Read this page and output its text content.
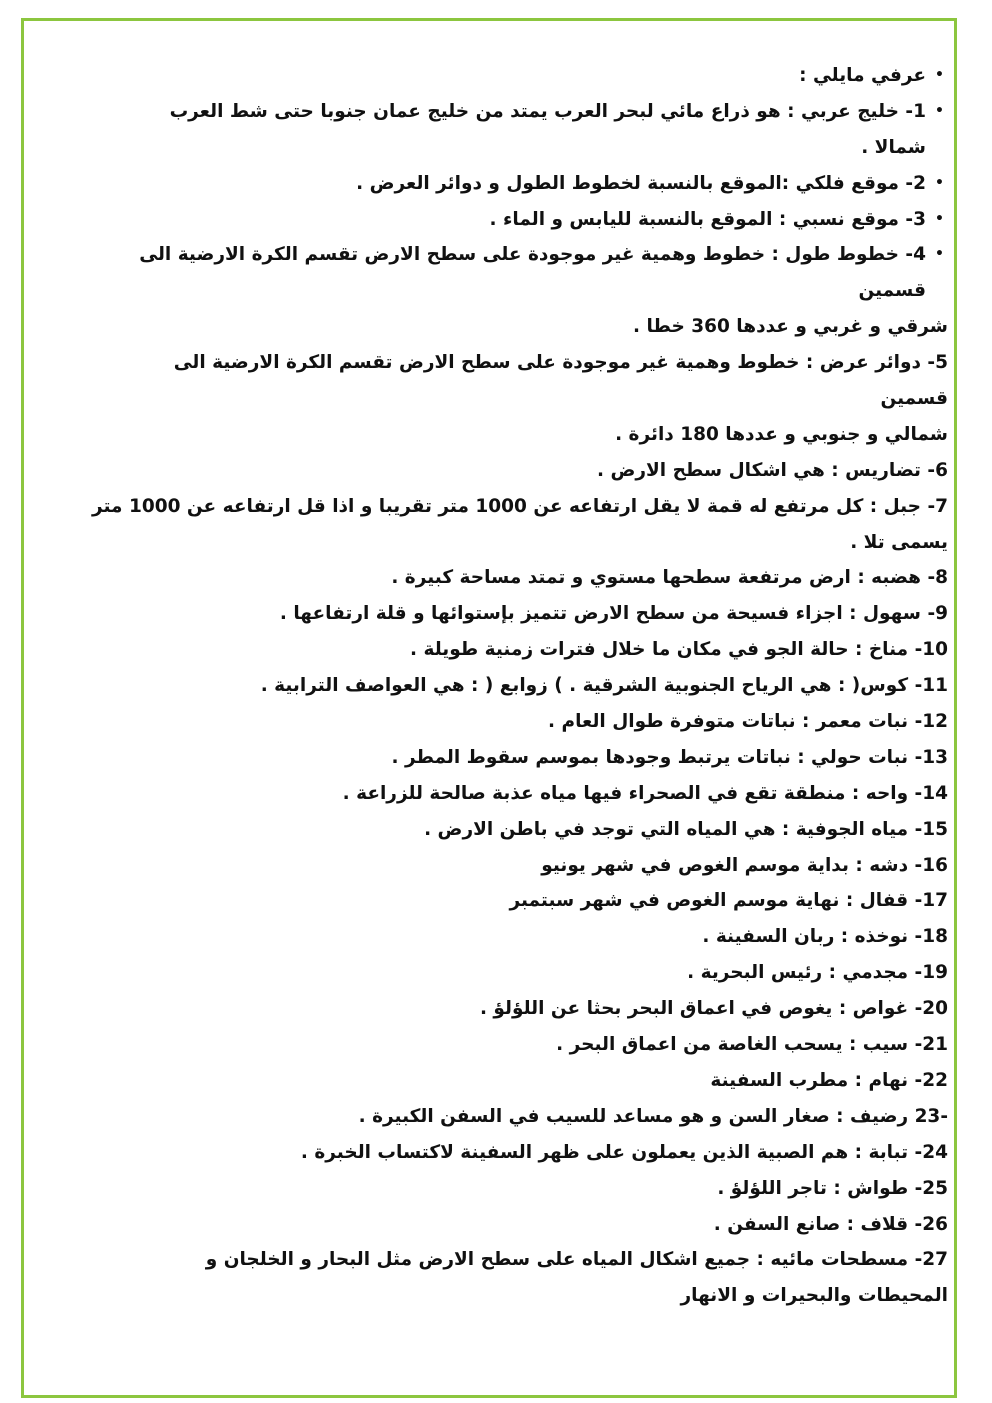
•
عرفي مايلي :
•
1- خليج عربي : هو ذراع مائي لبحر العرب يمتد من خليج عمان جنوبا حتى شط العرب
شمالا .
•
2- موقع فلكي :الموقع بالنسبة لخطوط الطول و دوائر العرض .
•
3- موقع نسبي : الموقع بالنسبة لليابس و الماء .
•
4- خطوط طول : خطوط وهمية غير موجودة على سطح الارض تقسم الكرة الارضية الى
قسمين
شرقي و غربي و عددها 360 خطا .
5- دوائر عرض : خطوط وهمية غير موجودة على سطح الارض تقسم الكرة الارضية الى
قسمين
شمالي و جنوبي و عددها 180 دائرة .
6- تضاريس : هي اشكال سطح الارض .
7- جبل : كل مرتفع له قمة لا يقل ارتفاعه عن 1000 متر تقريبا و اذا قل ارتفاعه عن 1000 متر
يسمى تلا .
8- هضبه : ارض مرتفعة سطحها مستوي و تمتد مساحة كبيرة .
9- سهول : اجزاء فسيحة من سطح الارض تتميز بإستوائها و قلة ارتفاعها .
10- مناخ : حالة الجو في مكان ما خلال فترات زمنية طويلة .
11- كوس( : هي الرياح الجنوبية الشرقية . ) زوابع ( : هي العواصف الترابية .
12- نبات معمر : نباتات متوفرة طوال العام .
13- نبات حولي : نباتات يرتبط وجودها بموسم سقوط المطر .
14- واحه : منطقة تقع في الصحراء فيها مياه عذبة صالحة للزراعة .
15- مياه الجوفية : هي المياه التي توجد في باطن الارض .
16- دشه : بداية موسم الغوص في شهر يونيو
17- قفال : نهاية موسم الغوص في شهر سبتمبر
18- نوخذه : ربان السفينة .
19- مجدمي : رئيس البحرية .
20- غواص : يغوص في اعماق البحر بحثا عن اللؤلؤ .
21- سيب : يسحب الغاصة من اعماق البحر .
22- نهام : مطرب السفينة
-23 رضيف : صغار السن و هو مساعد للسيب في السفن الكبيرة .
24- تبابة : هم الصبية الذين يعملون على ظهر السفينة لاكتساب الخبرة .
25- طواش : تاجر اللؤلؤ .
26- قلاف : صانع السفن .
27- مسطحات مائيه : جميع اشكال المياه على سطح الارض مثل البحار و الخلجان و
المحيطات والبحيرات و الانهار
